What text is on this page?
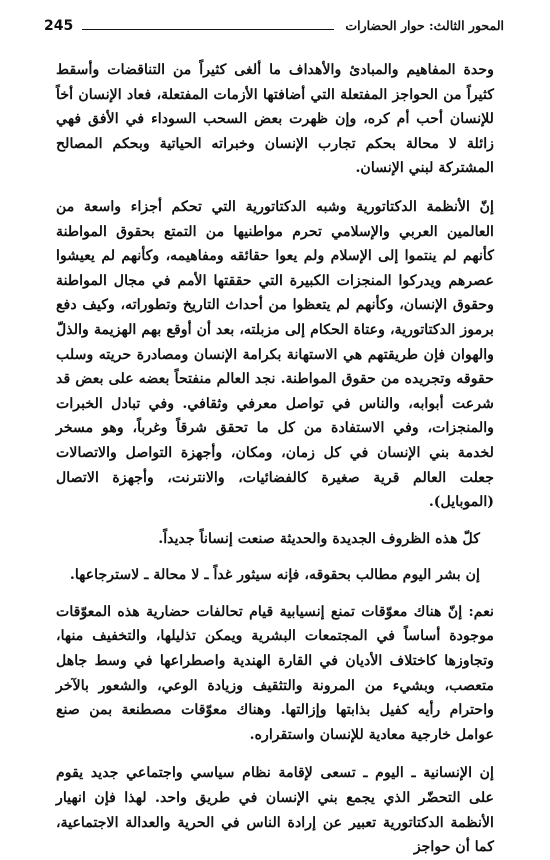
245	المحور الثالث: حوار الحضارات

وحدة المفاهيم والمبادئ والأهداف ما ألغى كثيراً من التناقضات وأسقط كثيراً من الحواجز المفتعلة التي أضافتها الأزمات المفتعلة، فعاد الإنسان أخاً للإنسان أحب أم كره، وإن ظهرت بعض السحب السوداء في الأفق فهي زائلة لا محالة بحكم تجارب الإنسان وخبراته الحياتية وبحكم المصالح المشتركة لبني الإنسان.

إنّ الأنظمة الدكتاتورية وشبه الدكتاتورية التي تحكم أجزاء واسعة من العالمين العربي والإسلامي تحرم مواطنيها من التمتع بحقوق المواطنة كأنهم لم ينتموا إلى الإسلام ولم يعوا حقائقه ومفاهيمه، وكأنهم لم يعيشوا عصرهم ويدركوا المنجزات الكبيرة التي حققتها الأمم في مجال المواطنة وحقوق الإنسان، وكأنهم لم يتعظوا من أحداث التاريخ وتطوراته، وكيف دفع برموز الدكتاتورية، وعتاة الحكام إلى مزبلته، بعد أن أوقع بهم الهزيمة والذلّ والهوان فإن طريقتهم هي الاستهانة بكرامة الإنسان ومصادرة حريته وسلب حقوقه وتجريده من حقوق المواطنة. نجد العالم منفتحاً بعضه على بعض قد شرعت أبوابه، والناس في تواصل معرفي وثقافي. وفي تبادل الخبرات والمنجزات، وفي الاستفادة من كل ما تحقق شرقاً وغرباً، وهو مسخر لخدمة بني الإنسان في كل زمان، ومكان، وأجهزة التواصل والاتصالات جعلت العالم قرية صغيرة كالفضائيات، والانترنت، وأجهزة الاتصال (الموبايل).

كلّ هذه الظروف الجديدة والحديثة صنعت إنساناً جديداً.

إن بشر اليوم مطالب بحقوقه، فإنه سيثور غداً ـ لا محالة ـ لاسترجاعها.

نعم: إنّ هناك معوّقات تمنع إنسيابية قيام تحالفات حضارية هذه المعوّقات موجودة أساساً في المجتمعات البشرية ويمكن تذليلها، والتخفيف منها، وتجاوزها كاختلاف الأديان في القارة الهندية واصطراعها في وسط جاهل متعصب، وبشيء من المرونة والتثقيف وزيادة الوعي، والشعور بالآخر واحترام رأيه كفيل بذابتها وإزالتها. وهناك معوّقات مصطنعة بمن صنع عوامل خارجية معادية للإنسان واستقراره.

إن الإنسانية ـ اليوم ـ تسعى لإقامة نظام سياسي واجتماعي جديد يقوم على التحضّر الذي يجمع بني الإنسان في طريق واحد. لهذا فإن انهيار الأنظمة الدكتاتورية تعبير عن إرادة الناس في الحرية والعدالة الاجتماعية، كما أن حواجز
